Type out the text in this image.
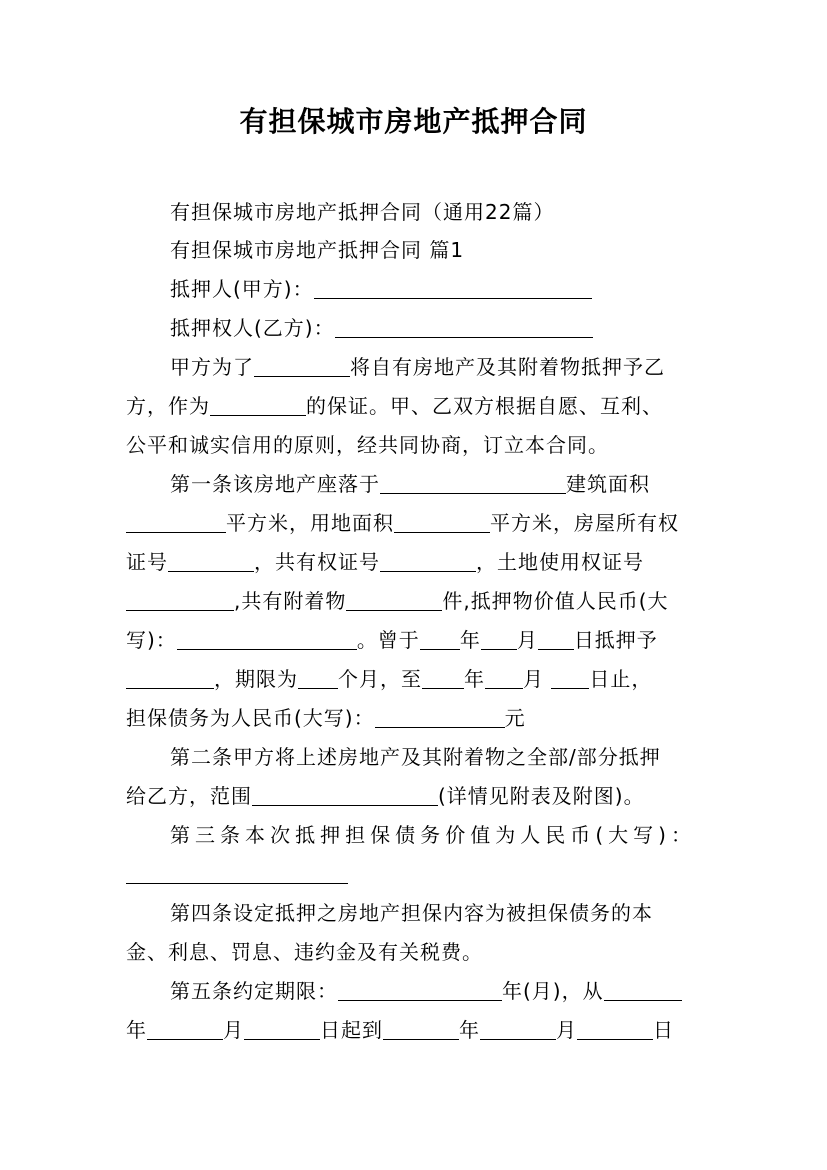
有担保城市房地产抵押合同
有担保城市房地产抵押合同（通用22篇）
有担保城市房地产抵押合同 篇1
抵押人(甲方)：
抵押权人(乙方)：
甲方为了	将自有房地产及其附着物抵押予乙
方，作为	的保证。甲、乙双方根据自愿、互利、
公平和诚实信用的原则，经共同协商，订立本合同。
第一条该房地产座落于	建筑面积
平方米，用地面积	平方米，房屋所有权
证号	，共有权证号	，土地使用权证号
,共有附着物	件,抵押物价值人民币(大
写)：	。曾于 年 月 日抵押予
，期限为 个月，至 年 月 日止，
担保债务为人民币(大写)：	元
第二条甲方将上述房地产及其附着物之全部/部分抵押
给乙方，范围	(详情见附表及附图)。
第三条本次抵押担保债务价值为人民币(大写)：
第四条设定抵押之房地产担保内容为被担保债务的本
金、利息、罚息、违约金及有关税费。
第五条约定期限：	年(月)，从
年	月	日起到	年	月	日
